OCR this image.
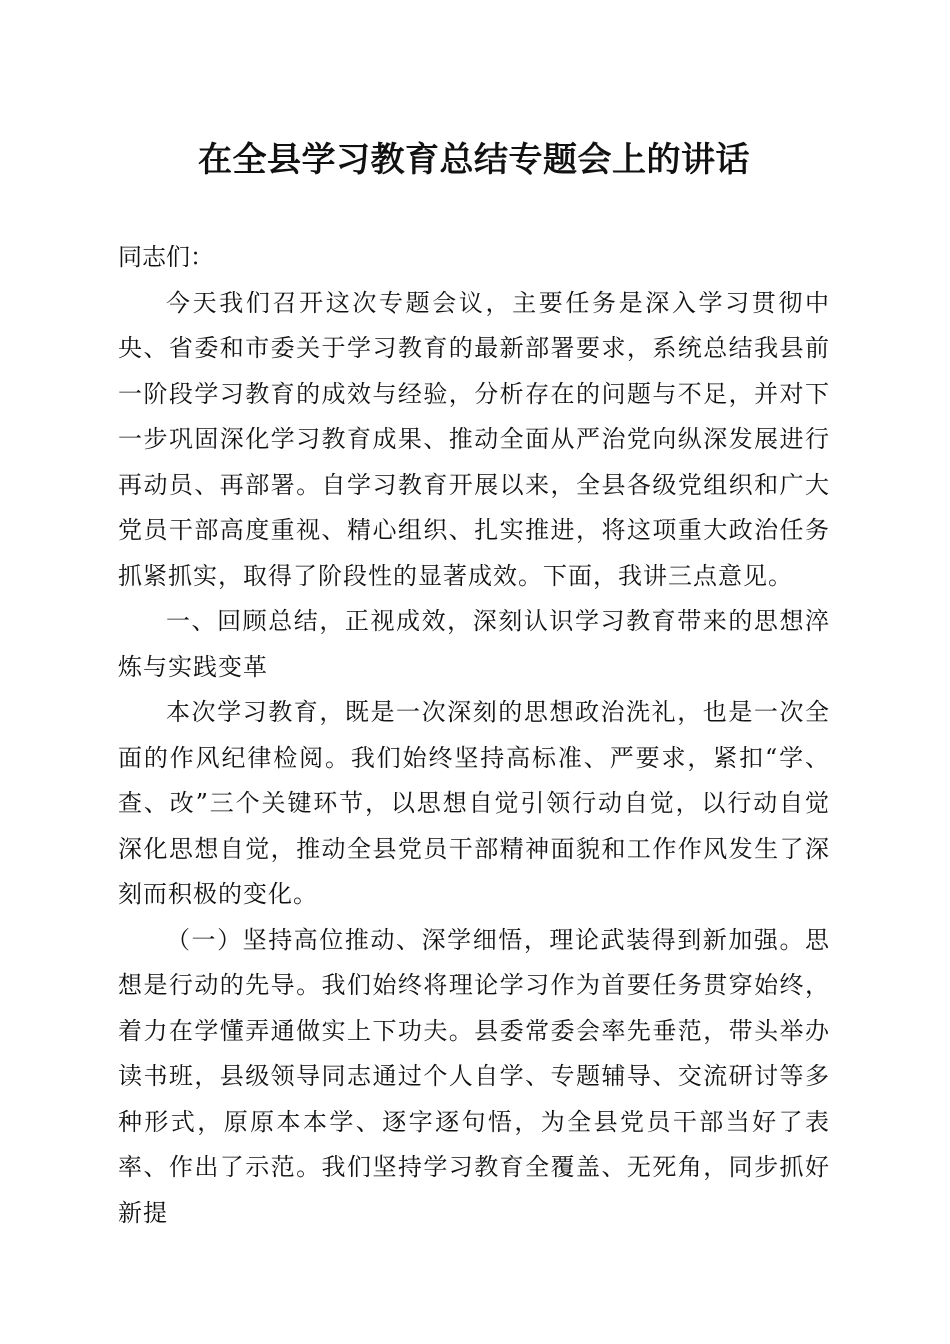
在全县学习教育总结专题会上的讲话

同志们：

今天我们召开这次专题会议，主要任务是深入学习贯彻中央、省委和市委关于学习教育的最新部署要求，系统总结我县前一阶段学习教育的成效与经验，分析存在的问题与不足，并对下一步巩固深化学习教育成果、推动全面从严治党向纵深发展进行再动员、再部署。自学习教育开展以来，全县各级党组织和广大党员干部高度重视、精心组织、扎实推进，将这项重大政治任务抓紧抓实，取得了阶段性的显著成效。下面，我讲三点意见。

一、回顾总结，正视成效，深刻认识学习教育带来的思想淬炼与实践变革

本次学习教育，既是一次深刻的思想政治洗礼，也是一次全面的作风纪律检阅。我们始终坚持高标准、严要求，紧扣“学、查、改”三个关键环节，以思想自觉引领行动自觉，以行动自觉深化思想自觉，推动全县党员干部精神面貌和工作作风发生了深刻而积极的变化。

（一）坚持高位推动、深学细悟，理论武装得到新加强。思想是行动的先导。我们始终将理论学习作为首要任务贯穿始终，着力在学懂弄通做实上下功夫。县委常委会率先垂范，带头举办读书班，县级领导同志通过个人自学、专题辅导、交流研讨等多种形式，原原本本学、逐字逐句悟，为全县党员干部当好了表率、作出了示范。我们坚持学习教育全覆盖、无死角，同步抓好新提
